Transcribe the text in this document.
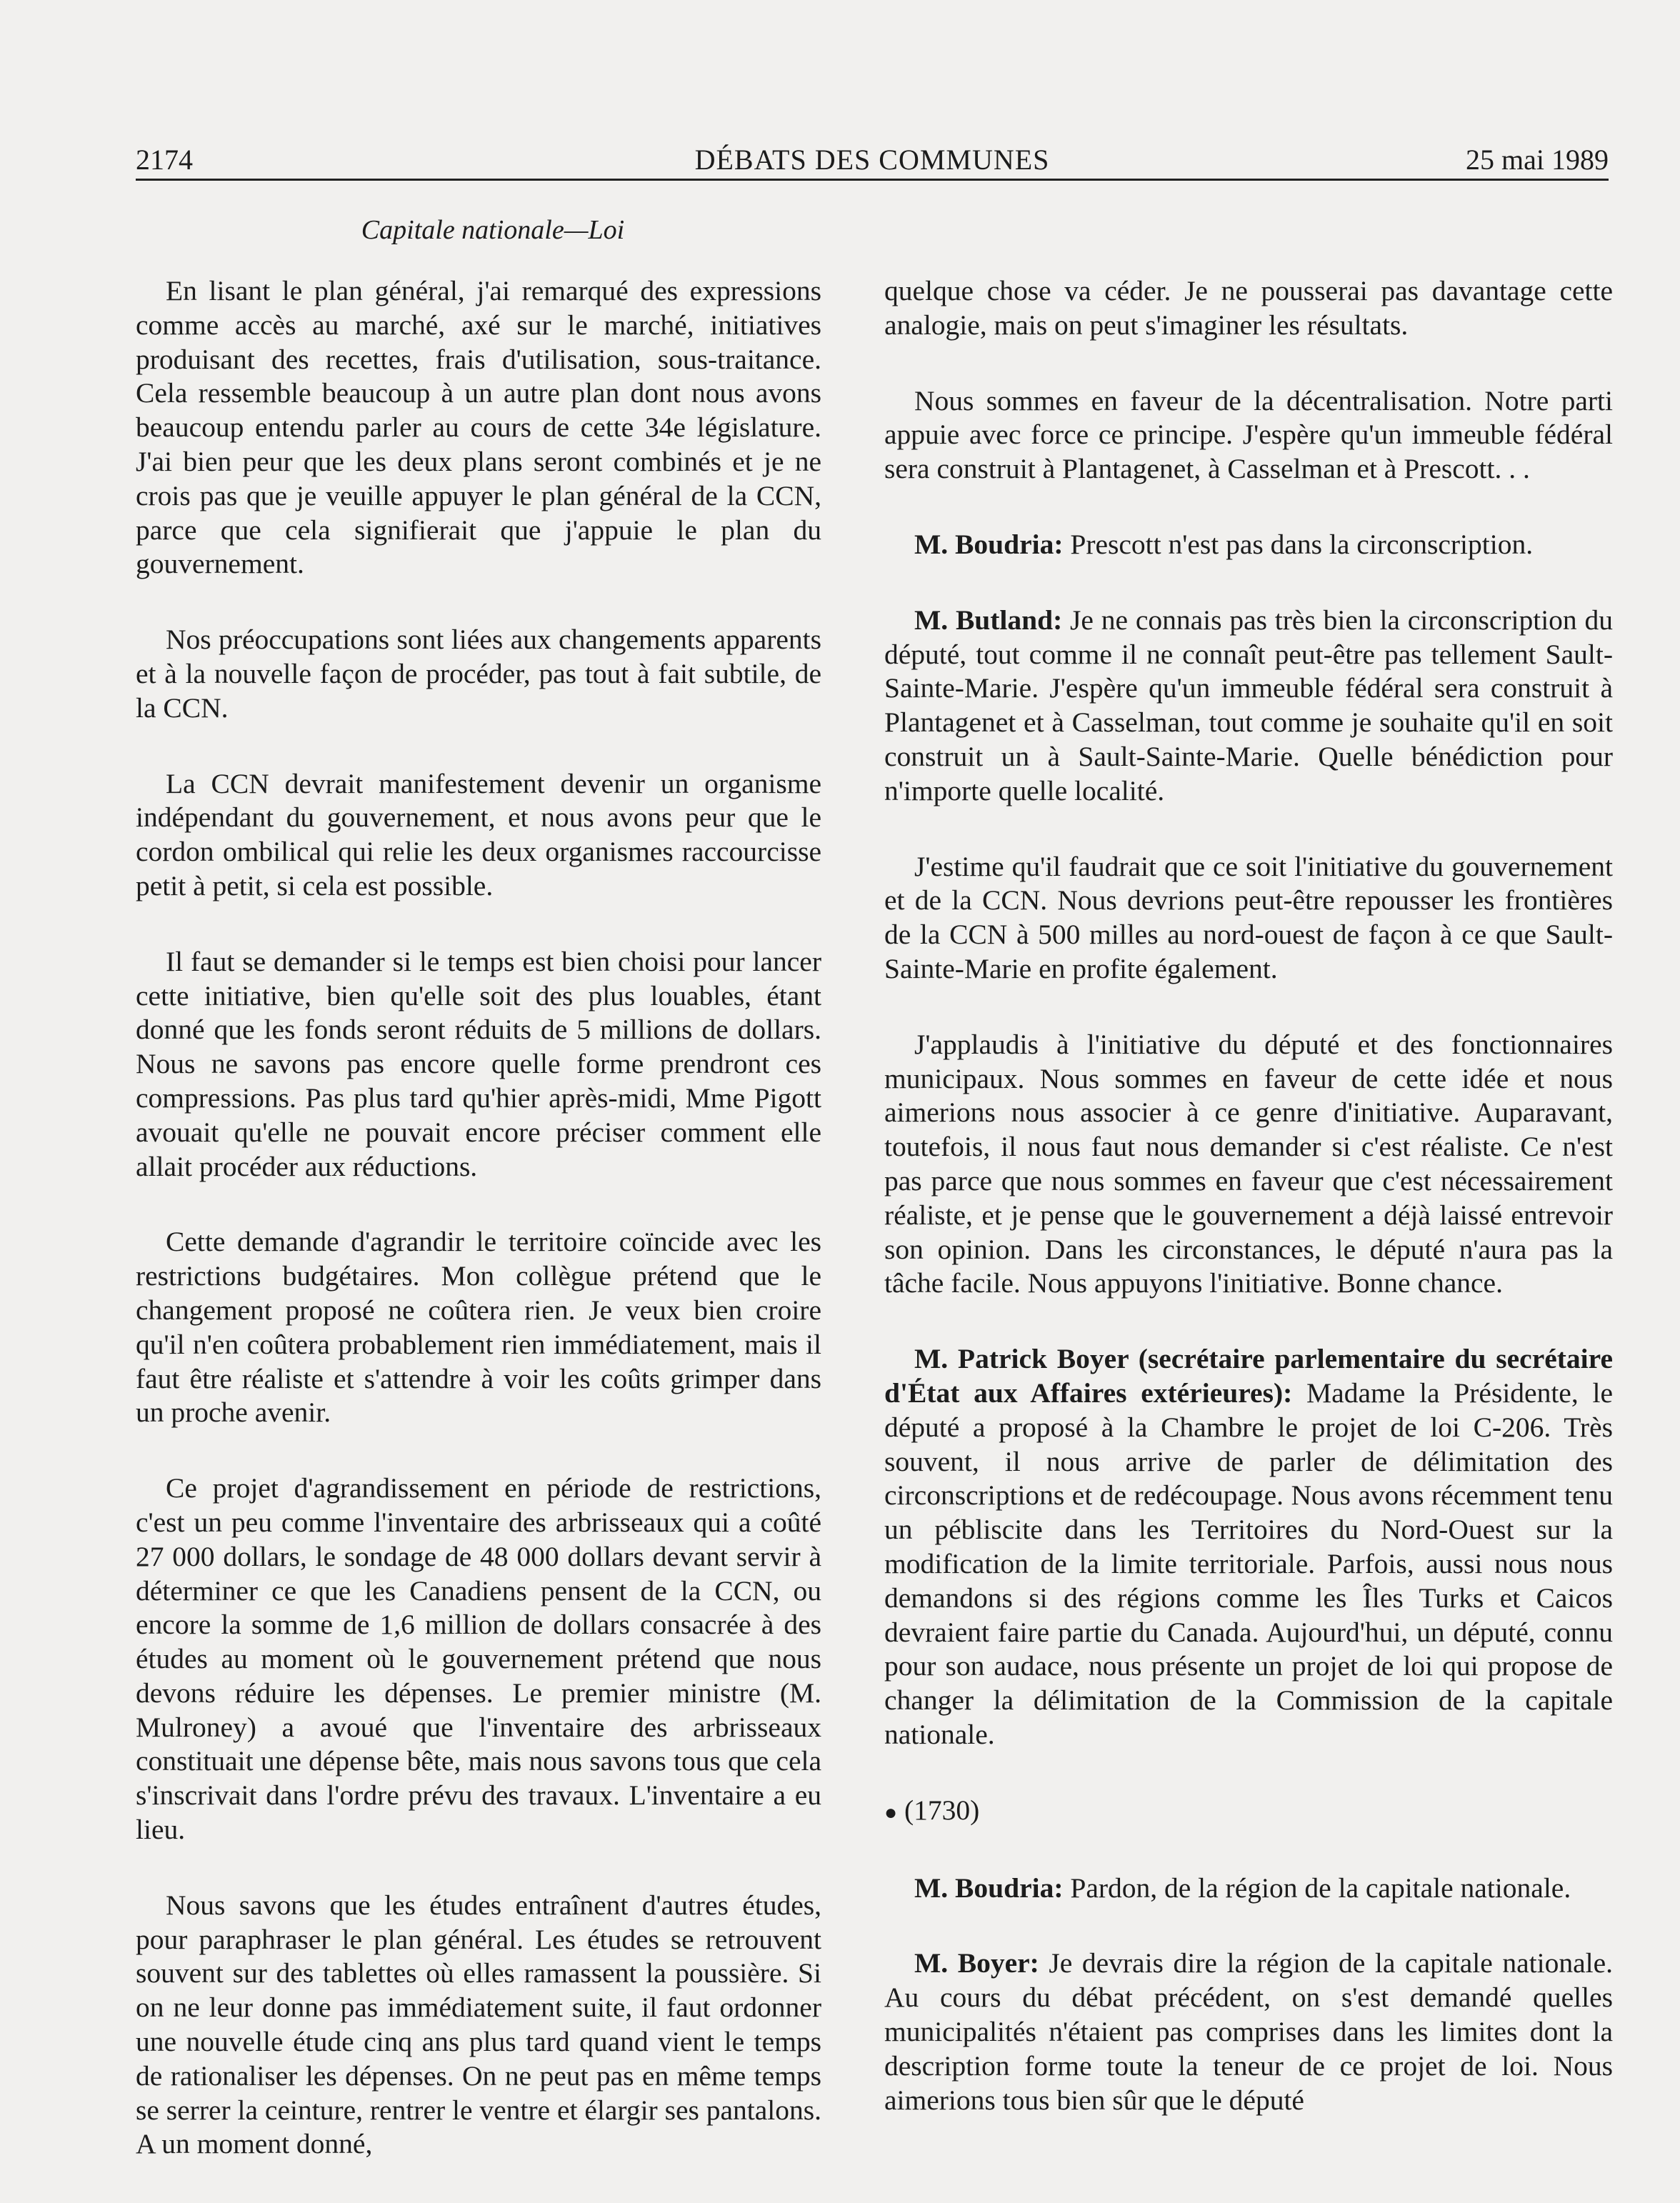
2174	DÉBATS DES COMMUNES	25 mai 1989
Capitale nationale—Loi

En lisant le plan général, j'ai remarqué des expressions comme accès au marché, axé sur le marché, initiatives produisant des recettes, frais d'utilisation, sous-traitance. Cela ressemble beaucoup à un autre plan dont nous avons beaucoup entendu parler au cours de cette 34e législature. J'ai bien peur que les deux plans seront combinés et je ne crois pas que je veuille appuyer le plan général de la CCN, parce que cela signifierait que j'appuie le plan du gouvernement.

Nos préoccupations sont liées aux changements apparents et à la nouvelle façon de procéder, pas tout à fait subtile, de la CCN.

La CCN devrait manifestement devenir un organisme indépendant du gouvernement, et nous avons peur que le cordon ombilical qui relie les deux organismes raccourcisse petit à petit, si cela est possible.

Il faut se demander si le temps est bien choisi pour lancer cette initiative, bien qu'elle soit des plus louables, étant donné que les fonds seront réduits de 5 millions de dollars. Nous ne savons pas encore quelle forme prendront ces compressions. Pas plus tard qu'hier après-midi, Mme Pigott avouait qu'elle ne pouvait encore préciser comment elle allait procéder aux réductions.

Cette demande d'agrandir le territoire coïncide avec les restrictions budgétaires. Mon collègue prétend que le changement proposé ne coûtera rien. Je veux bien croire qu'il n'en coûtera probablement rien immédiatement, mais il faut être réaliste et s'attendre à voir les coûts grimper dans un proche avenir.

Ce projet d'agrandissement en période de restrictions, c'est un peu comme l'inventaire des arbrisseaux qui a coûté 27 000 dollars, le sondage de 48 000 dollars devant servir à déterminer ce que les Canadiens pensent de la CCN, ou encore la somme de 1,6 million de dollars consacrée à des études au moment où le gouvernement prétend que nous devons réduire les dépenses. Le premier ministre (M. Mulroney) a avoué que l'inventaire des arbrisseaux constituait une dépense bête, mais nous savons tous que cela s'inscrivait dans l'ordre prévu des travaux. L'inventaire a eu lieu.

Nous savons que les études entraînent d'autres études, pour paraphraser le plan général. Les études se retrouvent souvent sur des tablettes où elles ramassent la poussière. Si on ne leur donne pas immédiatement suite, il faut ordonner une nouvelle étude cinq ans plus tard quand vient le temps de rationaliser les dépenses. On ne peut pas en même temps se serrer la ceinture, rentrer le ventre et élargir ses pantalons. A un moment donné,

quelque chose va céder. Je ne pousserai pas davantage cette analogie, mais on peut s'imaginer les résultats.

Nous sommes en faveur de la décentralisation. Notre parti appuie avec force ce principe. J'espère qu'un immeuble fédéral sera construit à Plantagenet, à Casselman et à Prescott. . .

M. Boudria: Prescott n'est pas dans la circonscription.

M. Butland: Je ne connais pas très bien la circonscription du député, tout comme il ne connaît peut-être pas tellement Sault-Sainte-Marie. J'espère qu'un immeuble fédéral sera construit à Plantagenet et à Casselman, tout comme je souhaite qu'il en soit construit un à Sault-Sainte-Marie. Quelle bénédiction pour n'importe quelle localité.

J'estime qu'il faudrait que ce soit l'initiative du gouvernement et de la CCN. Nous devrions peut-être repousser les frontières de la CCN à 500 milles au nord-ouest de façon à ce que Sault-Sainte-Marie en profite également.

J'applaudis à l'initiative du député et des fonctionnaires municipaux. Nous sommes en faveur de cette idée et nous aimerions nous associer à ce genre d'initiative. Auparavant, toutefois, il nous faut nous demander si c'est réaliste. Ce n'est pas parce que nous sommes en faveur que c'est nécessairement réaliste, et je pense que le gouvernement a déjà laissé entrevoir son opinion. Dans les circonstances, le député n'aura pas la tâche facile. Nous appuyons l'initiative. Bonne chance.

M. Patrick Boyer (secrétaire parlementaire du secrétaire d'État aux Affaires extérieures): Madame la Présidente, le député a proposé à la Chambre le projet de loi C-206. Très souvent, il nous arrive de parler de délimitation des circonscriptions et de redécoupage. Nous avons récemment tenu un pébliscite dans les Territoires du Nord-Ouest sur la modification de la limite territoriale. Parfois, aussi nous nous demandons si des régions comme les Îles Turks et Caicos devraient faire partie du Canada. Aujourd'hui, un député, connu pour son audace, nous présente un projet de loi qui propose de changer la délimitation de la Commission de la capitale nationale.

● (1730)

M. Boudria: Pardon, de la région de la capitale nationale.

M. Boyer: Je devrais dire la région de la capitale nationale. Au cours du débat précédent, on s'est demandé quelles municipalités n'étaient pas comprises dans les limites dont la description forme toute la teneur de ce projet de loi. Nous aimerions tous bien sûr que le député
